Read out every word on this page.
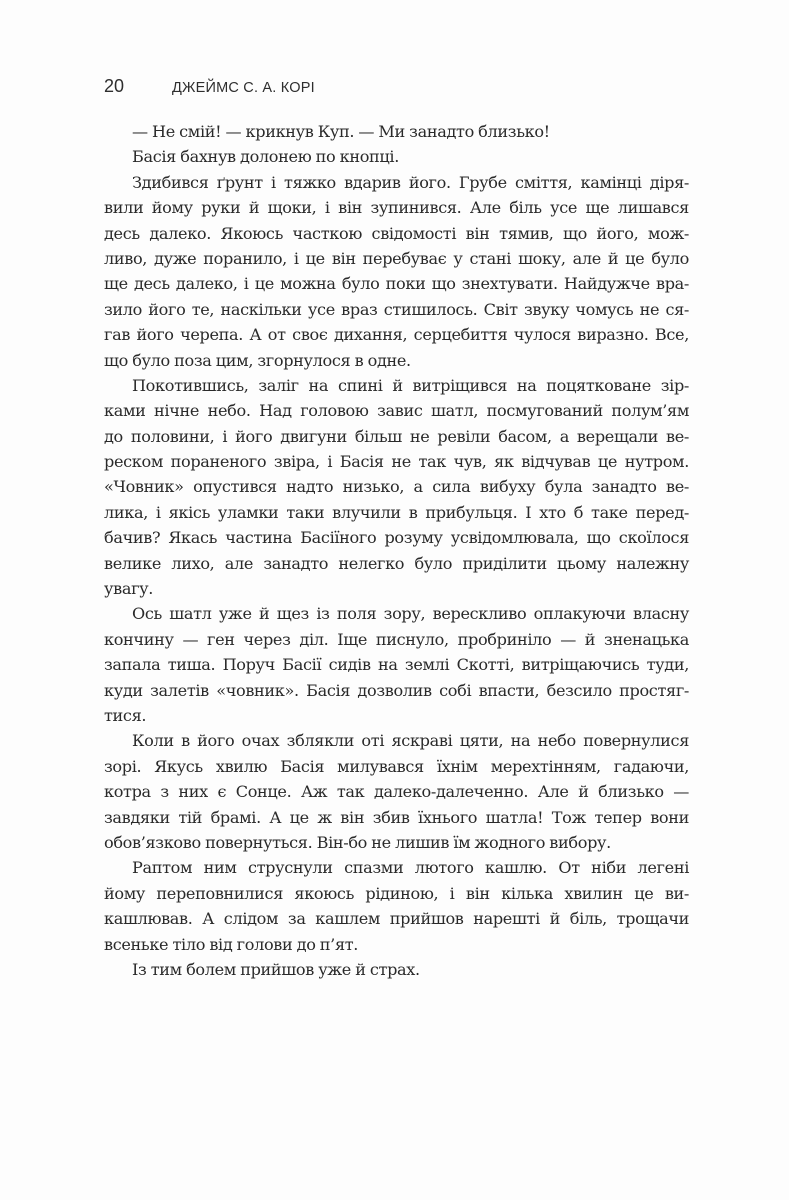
20	ДЖЕЙМС С. А. КОРІ
— Не смій! — крикнув Куп. — Ми занадто близько!
Басія бахнув долонею по кнопці.
Здибився ґрунт і тяжко вдарив його. Грубе сміття, камінці діря-
вили йому руки й щоки, і він зупинився. Але біль усе ще лишався
десь далеко. Якоюсь часткою свідомості він тямив, що його, мож-
ливо, дуже поранило, і це він перебуває у стані шоку, але й це було
ще десь далеко, і це можна було поки що знехтувати. Найдужче вра-
зило його те, наскільки усе враз стишилось. Світ звуку чомусь не ся-
гав його черепа. А от своє дихання, серцебиття чулося виразно. Все,
що було поза цим, згорнулося в одне.
Покотившись, заліг на спині й витріщився на поцятковане зір-
ками нічне небо. Над головою завис шатл, посмугований полум’ям
до половини, і його двигуни більш не ревіли басом, а верещали ве-
реском пораненого звіра, і Басія не так чув, як відчував це нутром.
«Човник» опустився надто низько, а сила вибуху була занадто ве-
лика, і якісь уламки таки влучили в прибульця. І хто б таке перед-
бачив? Якась частина Басіїного розуму усвідомлювала, що скоїлося
велике лихо, але занадто нелегко було приділити цьому належну
увагу.
Ось шатл уже й щез із поля зору, верескливо оплакуючи власну
кончину — ген через діл. Іще писнуло, пробриніло — й зненацька
запала тиша. Поруч Басії сидів на землі Скотті, витріщаючись туди,
куди залетів «човник». Басія дозволив собі впасти, безсило простяг-
тися.
Коли в його очах зблякли оті яскраві цяти, на небо повернулися
зорі. Якусь хвилю Басія милувався їхнім мерехтінням, гадаючи,
котра з них є Сонце. Аж так далеко-далеченно. Але й близько —
завдяки тій брамі. А це ж він збив їхнього шатла! Тож тепер вони
обов’язково повернуться. Він-бо не лишив їм жодного вибору.
Раптом ним струснули спазми лютого кашлю. От ніби легені
йому переповнилися якоюсь рідиною, і він кілька хвилин це ви-
кашлював. А слідом за кашлем прийшов нарешті й біль, трощачи
всеньке тіло від голови до п’ят.
Із тим болем прийшов уже й страх.
